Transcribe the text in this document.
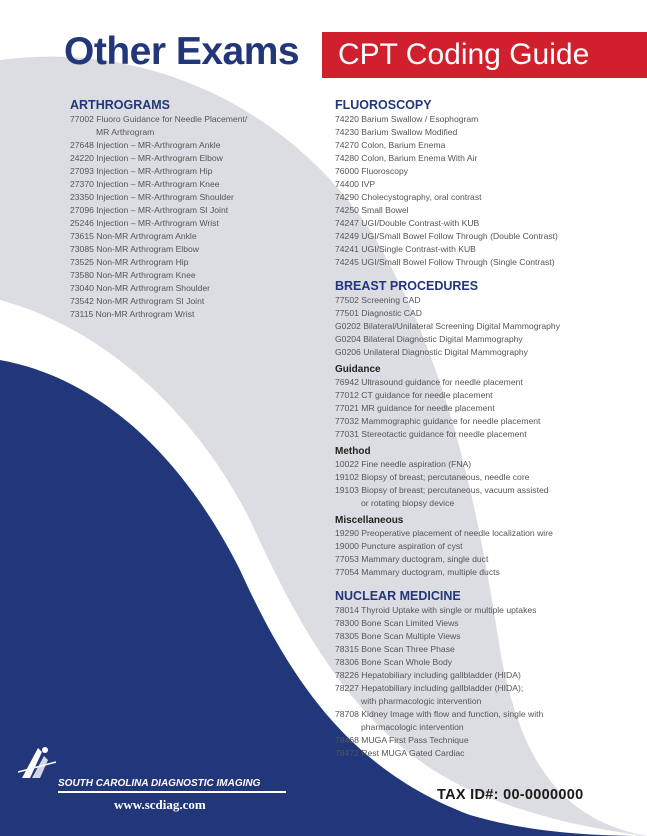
Other Exams	CPT Coding Guide
ARTHROGRAMS
77002 Fluoro Guidance for Needle Placement/
MR Arthrogram
27648 Injection – MR-Arthrogram Ankle
24220 Injection – MR-Arthrogram Elbow
27093 Injection – MR-Arthrogram Hip
27370 Injection – MR-Arthrogram Knee
23350 Injection – MR-Arthrogram Shoulder
27096 Injection – MR-Arthrogram SI Joint
25246 Injection – MR-Arthrogram Wrist
73615 Non-MR Arthrogram Ankle
73085 Non-MR Arthrogram Elbow
73525 Non-MR Arthrogram Hip
73580 Non-MR Arthrogram Knee
73040 Non-MR Arthrogram Shoulder
73542 Non-MR Arthrogram SI Joint
73115 Non-MR Arthrogram Wrist
FLUOROSCOPY
74220 Barium Swallow / Esophogram
74230 Barium Swallow Modified
74270 Colon, Barium Enema
74280 Colon, Barium Enema With Air
76000 Fluoroscopy
74400 IVP
74290 Cholecystography, oral contrast
74250 Small Bowel
74247 UGI/Double Contrast-with KUB
74249 UGI/Small Bowel Follow Through (Double Contrast)
74241 UGI/Single Contrast-with KUB
74245 UGI/Small Bowel Follow Through (Single Contrast)
BREAST PROCEDURES
77502 Screening CAD
77501 Diagnostic CAD
G0202 Bilateral/Unilateral Screening Digital Mammography
G0204 Bilateral Diagnostic Digital Mammography
G0206 Unilateral Diagnostic Digital Mammography
Guidance
76942 Ultrasound guidance for needle placement
77012 CT guidance for needle placement
77021 MR guidance for needle placement
77032 Mammographic guidance for needle placement
77031 Stereotactic guidance for needle placement
Method
10022 Fine needle aspiration (FNA)
19102 Biopsy of breast; percutaneous, needle core
19103 Biopsy of breast; percutaneous, vacuum assisted
or rotating biopsy device
Miscellaneous
19290 Preoperative placement of needle localization wire
19000 Puncture aspiration of cyst
77053 Mammary ductogram, single duct
77054 Mammary ductogram, multiple ducts
NUCLEAR MEDICINE
78014 Thyroid Uptake with single or multiple uptakes
78300 Bone Scan Limited Views
78305 Bone Scan Multiple Views
78315 Bone Scan Three Phase
78306 Bone Scan Whole Body
78226 Hepatobiliary including gallbladder (HIDA)
78227 Hepatobiliary including gallbladder (HIDA);
with pharmacologic intervention
78708 Kidney Image with flow and function, single with
pharmacologic intervention
78468 MUGA First Pass Technique
78472 Rest MUGA Gated Cardiac
SOUTH CAROLINA DIAGNOSTIC IMAGING
www.scdiag.com
TAX ID#: 00-0000000
